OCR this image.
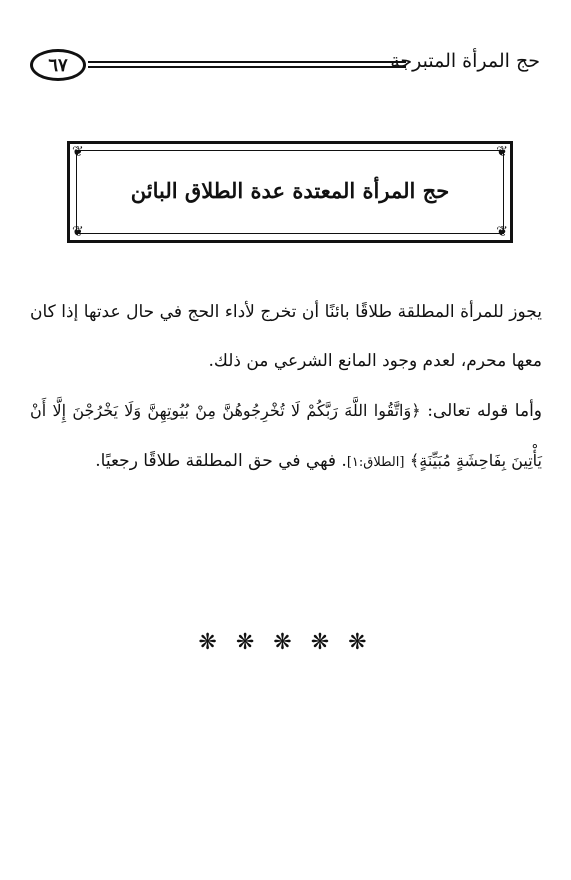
٦٧	حج المرأة المتبرجة
❦	❦
❦	❦
حج المرأة المعتدة عدة الطلاق البائن

يجوز للمرأة المطلقة طلاقًا بائنًا أن تخرج لأداء الحج في حال عدتها إذا كان معها محرم، لعدم وجود المانع الشرعي من ذلك.

وأما قوله تعالى: ﴿وَاتَّقُوا اللَّهَ رَبَّكُمْ لَا تُخْرِجُوهُنَّ مِنْ بُيُوتِهِنَّ وَلَا يَخْرُجْنَ إِلَّا أَنْ يَأْتِينَ بِفَاحِشَةٍ مُبَيِّنَةٍ﴾ [الطلاق:١]. فهي في حق المطلقة طلاقًا رجعيًا.

❋ ❋ ❋ ❋ ❋
